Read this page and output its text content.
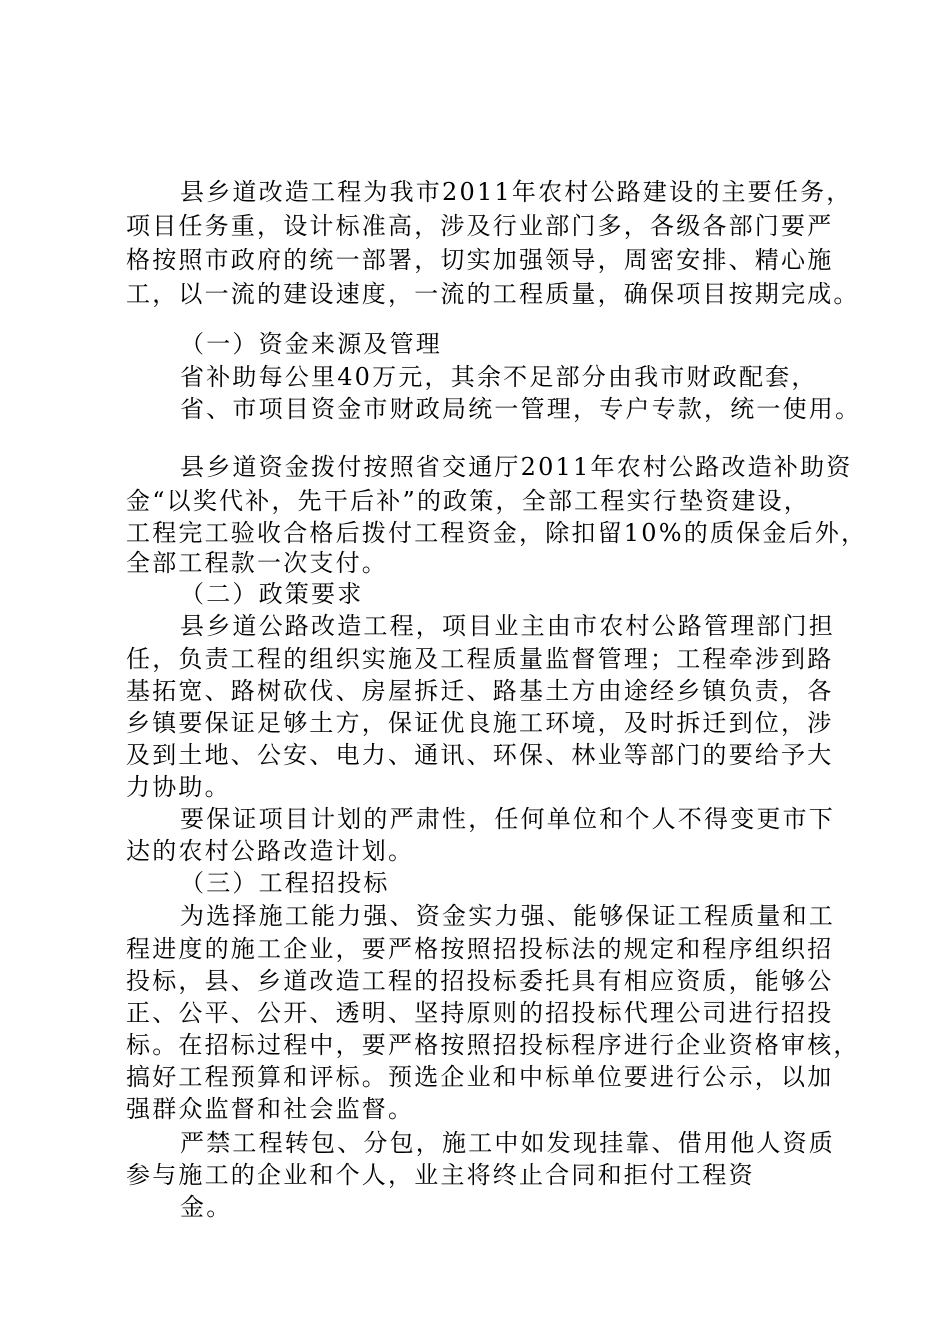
县乡道改造工程为我市2011年农村公路建设的主要任务，
项目任务重，设计标准高，涉及行业部门多，各级各部门要严
格按照市政府的统一部署，切实加强领导，周密安排、精心施
工，以一流的建设速度，一流的工程质量，确保项目按期完成。
（一）资金来源及管理
省补助每公里40万元，其余不足部分由我市财政配套，
省、市项目资金市财政局统一管理，专户专款，统一使用。
县乡道资金拨付按照省交通厅2011年农村公路改造补助资
金“以奖代补，先干后补”的政策，全部工程实行垫资建设，
工程完工验收合格后拨付工程资金，除扣留10%的质保金后外，
全部工程款一次支付。
（二）政策要求
县乡道公路改造工程，项目业主由市农村公路管理部门担
任，负责工程的组织实施及工程质量监督管理；工程牵涉到路
基拓宽、路树砍伐、房屋拆迁、路基土方由途经乡镇负责，各
乡镇要保证足够土方，保证优良施工环境，及时拆迁到位，涉
及到土地、公安、电力、通讯、环保、林业等部门的要给予大
力协助。
要保证项目计划的严肃性，任何单位和个人不得变更市下
达的农村公路改造计划。
（三）工程招投标
为选择施工能力强、资金实力强、能够保证工程质量和工
程进度的施工企业，要严格按照招投标法的规定和程序组织招
投标，县、乡道改造工程的招投标委托具有相应资质，能够公
正、公平、公开、透明、坚持原则的招投标代理公司进行招投
标。在招标过程中，要严格按照招投标程序进行企业资格审核，
搞好工程预算和评标。预选企业和中标单位要进行公示，以加
强群众监督和社会监督。
严禁工程转包、分包，施工中如发现挂靠、借用他人资质
参与施工的企业和个人，业主将终止合同和拒付工程资
金。
